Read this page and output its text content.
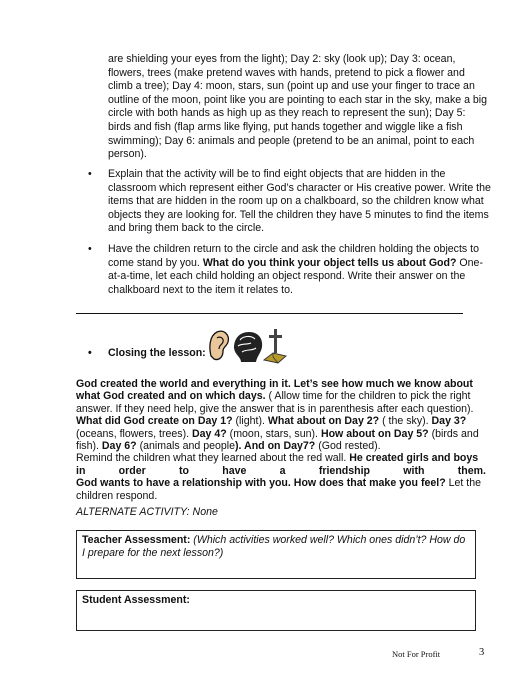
are shielding your eyes from the light); Day 2: sky (look up); Day 3: ocean, flowers, trees (make pretend waves with hands, pretend to pick a flower and climb a tree); Day 4: moon, stars, sun (point up and use your finger to trace an outline of the moon, point like you are pointing to each star in the sky, make a big circle with both hands as high up as they reach to represent the sun); Day 5: birds and fish (flap arms like flying, put hands together and wiggle like a fish swimming); Day 6: animals and people (pretend to be an animal, point to each person).

•	Explain that the activity will be to find eight objects that are hidden in the classroom which represent either God’s character or His creative power. Write the items that are hidden in the room up on a chalkboard, so the children know what objects they are looking for. Tell the children they have 5 minutes to find the items and bring them back to the circle.
•	Have the children return to the circle and ask the children holding the objects to come stand by you. What do you think your object tells us about God? One-at-a-time, let each child holding an object respond. Write their answer on the chalkboard next to the item it relates to.
• Closing the lesson:

God created the world and everything in it. Let’s see how much we know about what God created and on which days. ( Allow time for the children to pick the right answer. If they need help, give the answer that is in parenthesis after each question). What did God create on Day 1? (light). What about on Day 2? ( the sky). Day 3? (oceans, flowers, trees). Day 4? (moon, stars, sun). How about on Day 5? (birds and fish). Day 6? (animals and people). And on Day7? (God rested).

Remind the children what they learned about the red wall. He created girls and boys

in	order	to	have	a	friendship	with	them.

God wants to have a relationship with you. How does that make you feel? Let the children respond.

ALTERNATE ACTIVITY: None
Teacher Assessment: (Which activities worked well? Which ones didn’t? How do I prepare for the next lesson?)
Student Assessment:
Not For Profit	3
